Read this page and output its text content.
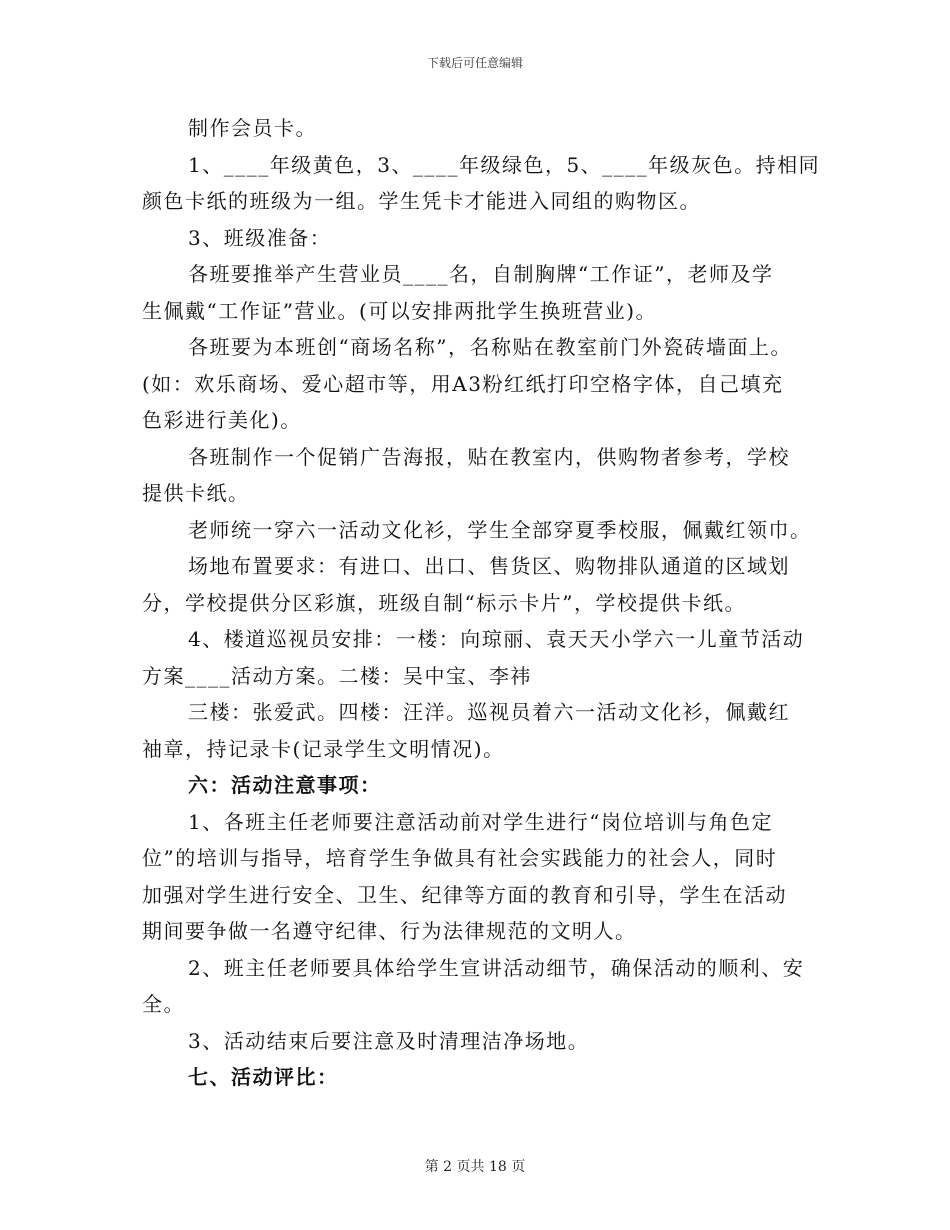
下载后可任意编辑
制作会员卡。
1、____年级黄色，3、____年级绿色，5、____年级灰色。持相同
颜色卡纸的班级为一组。学生凭卡才能进入同组的购物区。
3、班级准备：
各班要推举产生营业员____名，自制胸牌“工作证”，老师及学
生佩戴“工作证”营业。(可以安排两批学生换班营业)。
各班要为本班创“商场名称”，名称贴在教室前门外瓷砖墙面上。
(如：欢乐商场、爱心超市等，用A3粉红纸打印空格字体，自己填充
色彩进行美化)。
各班制作一个促销广告海报，贴在教室内，供购物者参考，学校
提供卡纸。
老师统一穿六一活动文化衫，学生全部穿夏季校服，佩戴红领巾。
场地布置要求：有进口、出口、售货区、购物排队通道的区域划
分，学校提供分区彩旗，班级自制“标示卡片”，学校提供卡纸。
4、楼道巡视员安排：一楼：向琼丽、袁天天小学六一儿童节活动
方案____活动方案。二楼：吴中宝、李祎
三楼：张爱武。四楼：汪洋。巡视员着六一活动文化衫，佩戴红
袖章，持记录卡(记录学生文明情况)。
六：活动注意事项：
1、各班主任老师要注意活动前对学生进行“岗位培训与角色定
位”的培训与指导，培育学生争做具有社会实践能力的社会人，同时
加强对学生进行安全、卫生、纪律等方面的教育和引导，学生在活动
期间要争做一名遵守纪律、行为法律规范的文明人。
2、班主任老师要具体给学生宣讲活动细节，确保活动的顺利、安
全。
3、活动结束后要注意及时清理洁净场地。
七、活动评比：
第 2 页共 18 页
